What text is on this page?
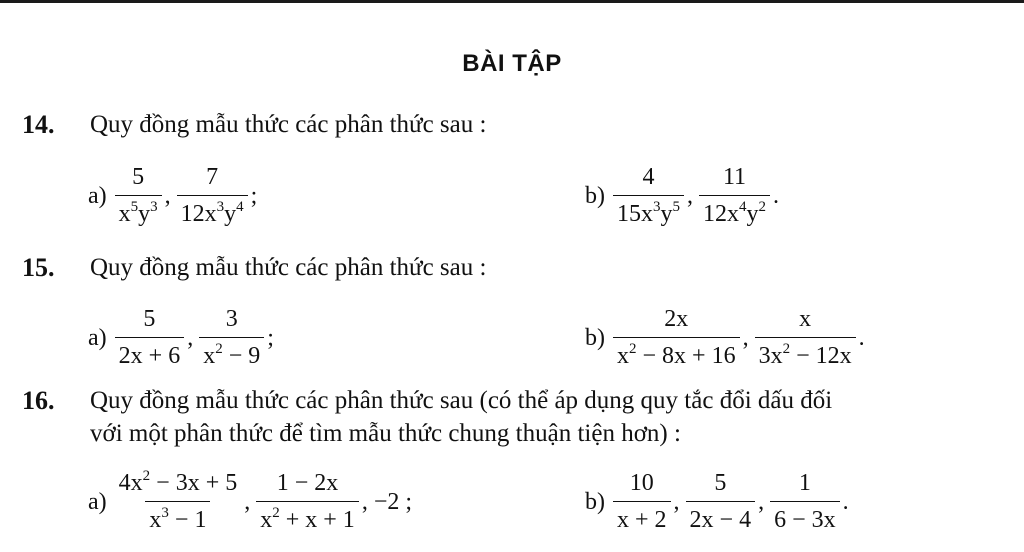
BÀI TẬP
14. Quy đồng mẫu thức các phân thức sau :
$a) \frac{5}{x^5y^3}$ , $\frac{7}{12x^3y^4}$ ;	$b) \frac{4}{15x^3y^5}$ , $\frac{11}{12x^4y^2}$ .
15. Quy đồng mẫu thức các phân thức sau :
$a) \frac{5}{2x + 6}$ , $\frac{3}{x^2 - 9}$ ;	$b) \frac{2x}{x^2 - 8x + 16}$ , $\frac{x}{3x^2 - 12x}$ .
16. Quy đồng mẫu thức các phân thức sau (có thể áp dụng quy tắc đổi dấu đối
với một phân thức để tìm mẫu thức chung thuận tiện hơn) :
$a) \frac{4x^2 - 3x + 5}{x^3 - 1}$ , $\frac{1 - 2x}{x^2 + x + 1}$ , −2 ;	$b) \frac{10}{x + 2}$ , $\frac{5}{2x - 4}$ , $\frac{1}{6 - 3x}$ .
